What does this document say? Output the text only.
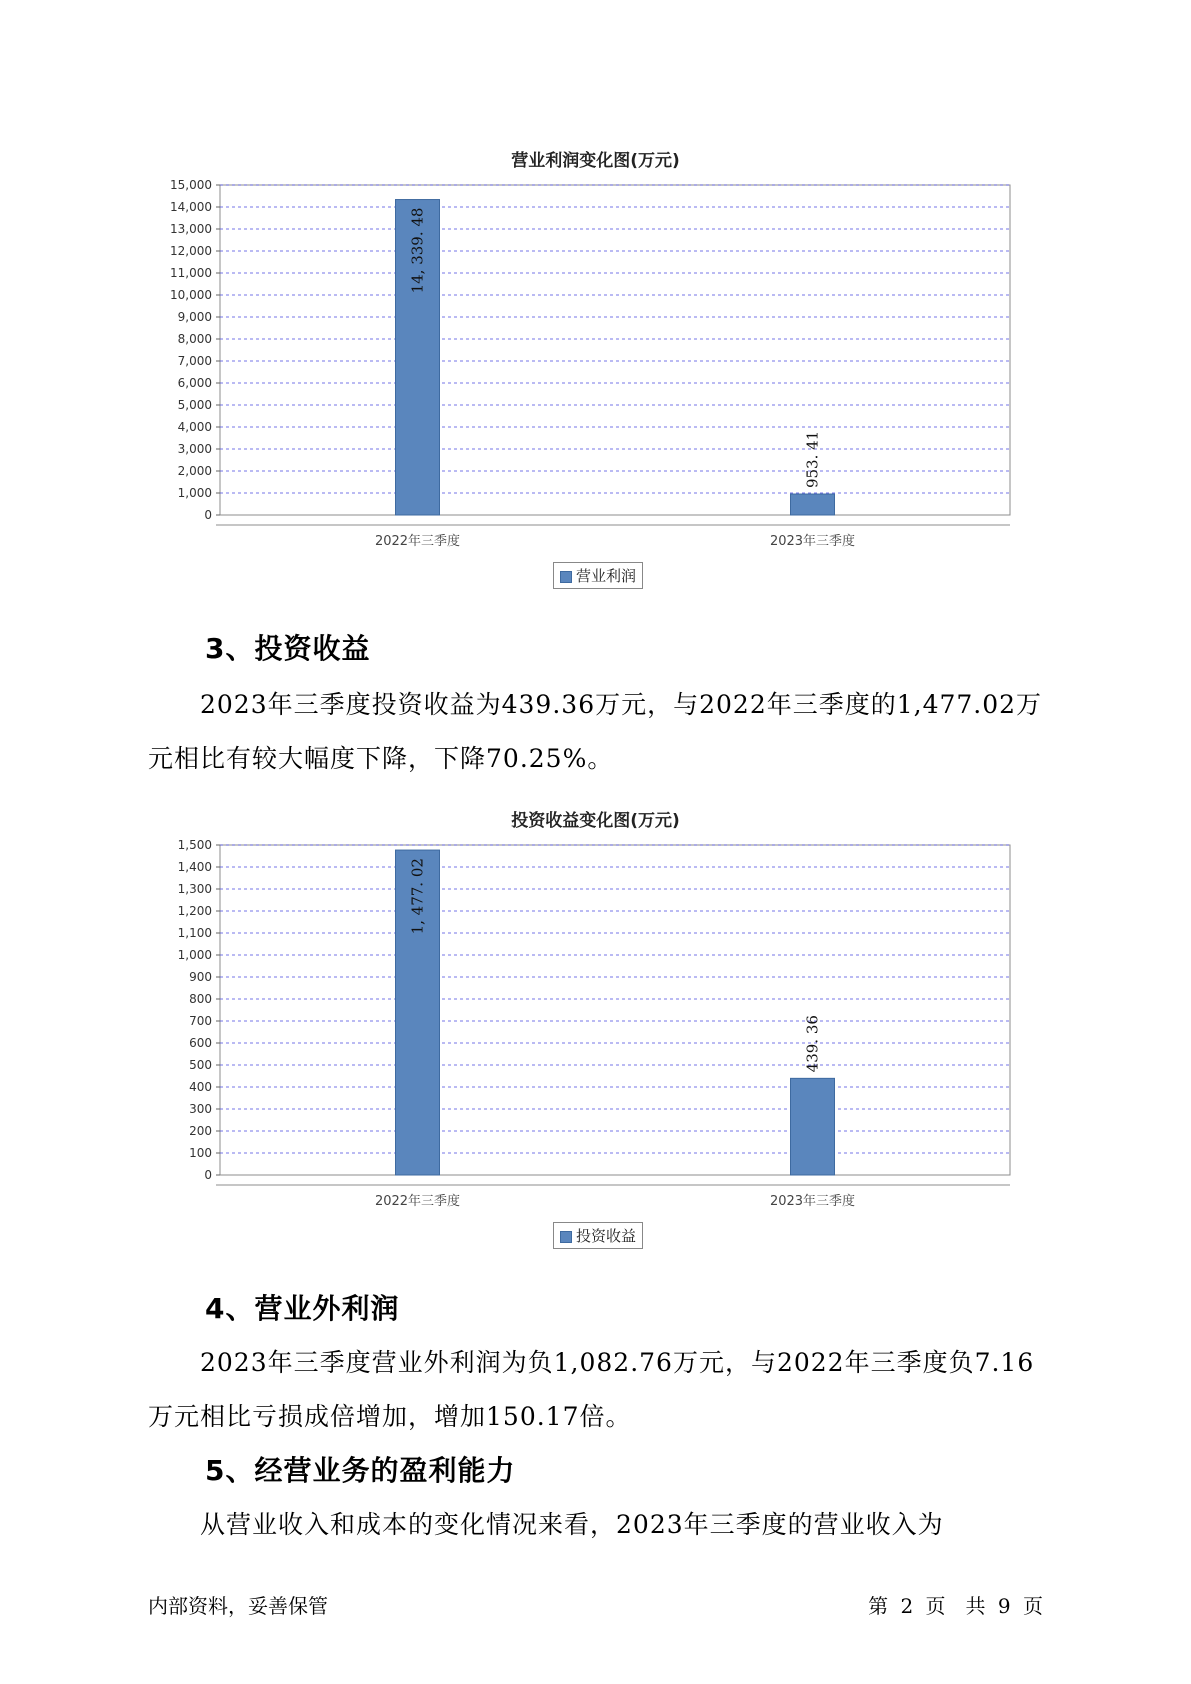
营业利润变化图(万元)
0
1,000
2,000
3,000
4,000
5,000
6,000
7,000
8,000
9,000
10,000
11,000
12,000
13,000
14,000
15,000
14, 339. 48
2022年三季度
953. 41
2023年三季度
营业利润
3、投资收益
2023年三季度投资收益为439.36万元，与2022年三季度的1,477.02万
元相比有较大幅度下降，下降70.25%。
投资收益变化图(万元)
0
100
200
300
400
500
600
700
800
900
1,000
1,100
1,200
1,300
1,400
1,500
1, 477. 02
2022年三季度
439. 36
2023年三季度
投资收益
4、营业外利润
2023年三季度营业外利润为负1,082.76万元，与2022年三季度负7.16
万元相比亏损成倍增加，增加150.17倍。
5、经营业务的盈利能力
从营业收入和成本的变化情况来看，2023年三季度的营业收入为
内部资料，妥善保管	第 2 页　共 9 页
